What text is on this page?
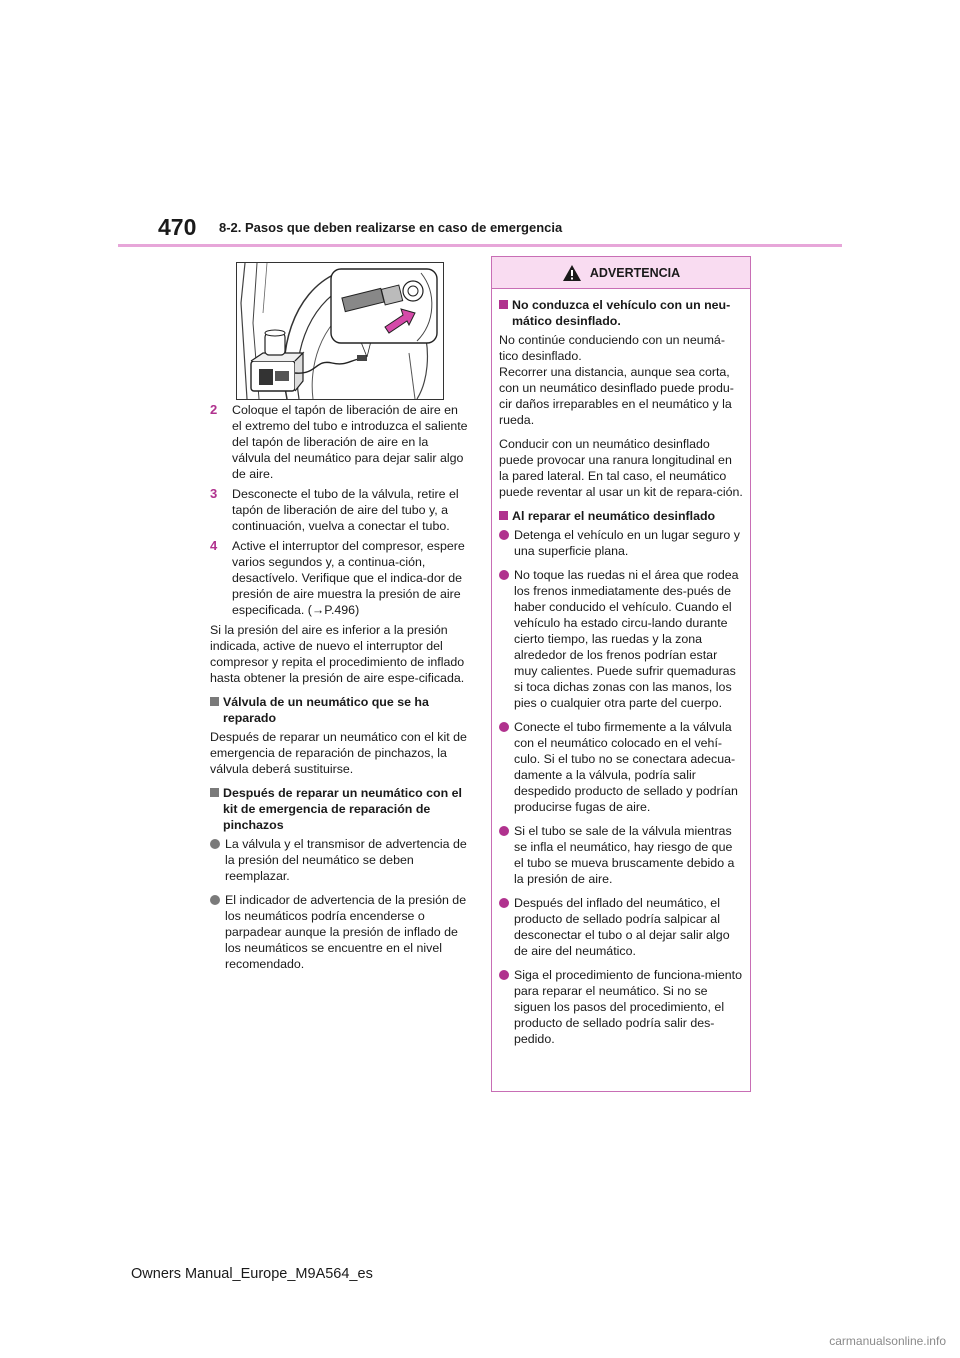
470 8-2. Pasos que deben realizarse en caso de emergencia
2	Coloque el tapón de liberación de aire en el extremo del tubo e introduzca el saliente del tapón de liberación de aire en la válvula del neumático para dejar salir algo de aire.
3	Desconecte el tubo de la válvula, retire el tapón de liberación de aire del tubo y, a continuación, vuelva a conectar el tubo.
4	Active el interruptor del compresor, espere varios segundos y, a continua-ción, desactívelo. Verifique que el indica-dor de presión de aire muestra la presión de aire especificada. (→P.496)

Si la presión del aire es inferior a la presión indicada, active de nuevo el interruptor del compresor y repita el procedimiento de inflado hasta obtener la presión de aire espe-cificada.

Válvula de un neumático que se ha reparado

Después de reparar un neumático con el kit de emergencia de reparación de pinchazos, la válvula deberá sustituirse.

Después de reparar un neumático con el kit de emergencia de reparación de pinchazos
La válvula y el transmisor de advertencia de la presión del neumático se deben reemplazar.
El indicador de advertencia de la presión de los neumáticos podría encenderse o parpadear aunque la presión de inflado de los neumáticos se encuentre en el nivel recomendado.
ADVERTENCIA
No conduzca el vehículo con un neu-mático desinflado.

No continúe conduciendo con un neumá-tico desinflado.
Recorrer una distancia, aunque sea corta, con un neumático desinflado puede produ-cir daños irreparables en el neumático y la rueda.

Conducir con un neumático desinflado puede provocar una ranura longitudinal en la pared lateral. En tal caso, el neumático puede reventar al usar un kit de repara-ción.

Al reparar el neumático desinflado
Detenga el vehículo en un lugar seguro y una superficie plana.
No toque las ruedas ni el área que rodea los frenos inmediatamente des-pués de haber conducido el vehículo. Cuando el vehículo ha estado circu-lando durante cierto tiempo, las ruedas y la zona alrededor de los frenos podrían estar muy calientes. Puede sufrir quemaduras si toca dichas zonas con las manos, los pies o cualquier otra parte del cuerpo.
Conecte el tubo firmemente a la válvula con el neumático colocado en el vehí-culo. Si el tubo no se conectara adecua-damente a la válvula, podría salir despedido producto de sellado y podrían producirse fugas de aire.
Si el tubo se sale de la válvula mientras se infla el neumático, hay riesgo de que el tubo se mueva bruscamente debido a la presión de aire.
Después del inflado del neumático, el producto de sellado podría salpicar al desconectar el tubo o al dejar salir algo de aire del neumático.
Siga el procedimiento de funciona-miento para reparar el neumático. Si no se siguen los pasos del procedimiento, el producto de sellado podría salir des-pedido.
Owners Manual_Europe_M9A564_es
carmanualsonline.info
